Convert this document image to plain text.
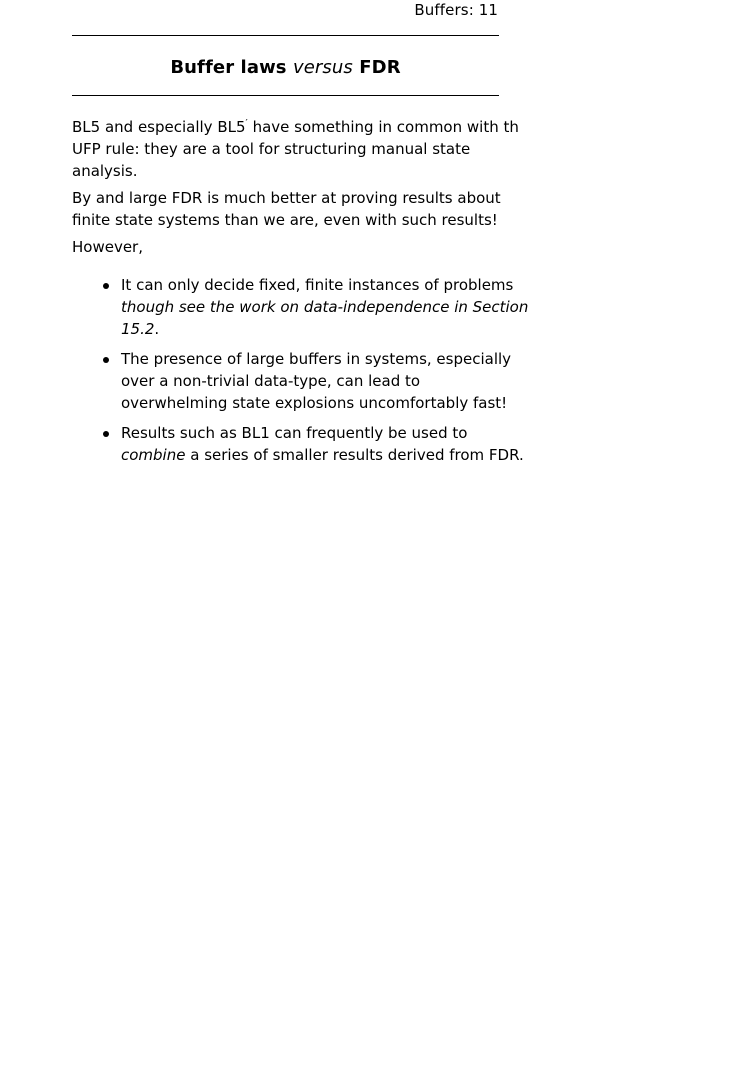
Buffers: 11
Buffer laws versus FDR

BL5 and especially BL5′ have something in common with th
UFP rule: they are a tool for structuring manual state
analysis.

By and large FDR is much better at proving results about
finite state systems than we are, even with such results!

However,

It can only decide fixed, finite instances of problems
though see the work on data-independence in Section
15.2.
The presence of large buffers in systems, especially
over a non-trivial data-type, can lead to
overwhelming state explosions uncomfortably fast!
Results such as BL1 can frequently be used to
combine a series of smaller results derived from FDR.
